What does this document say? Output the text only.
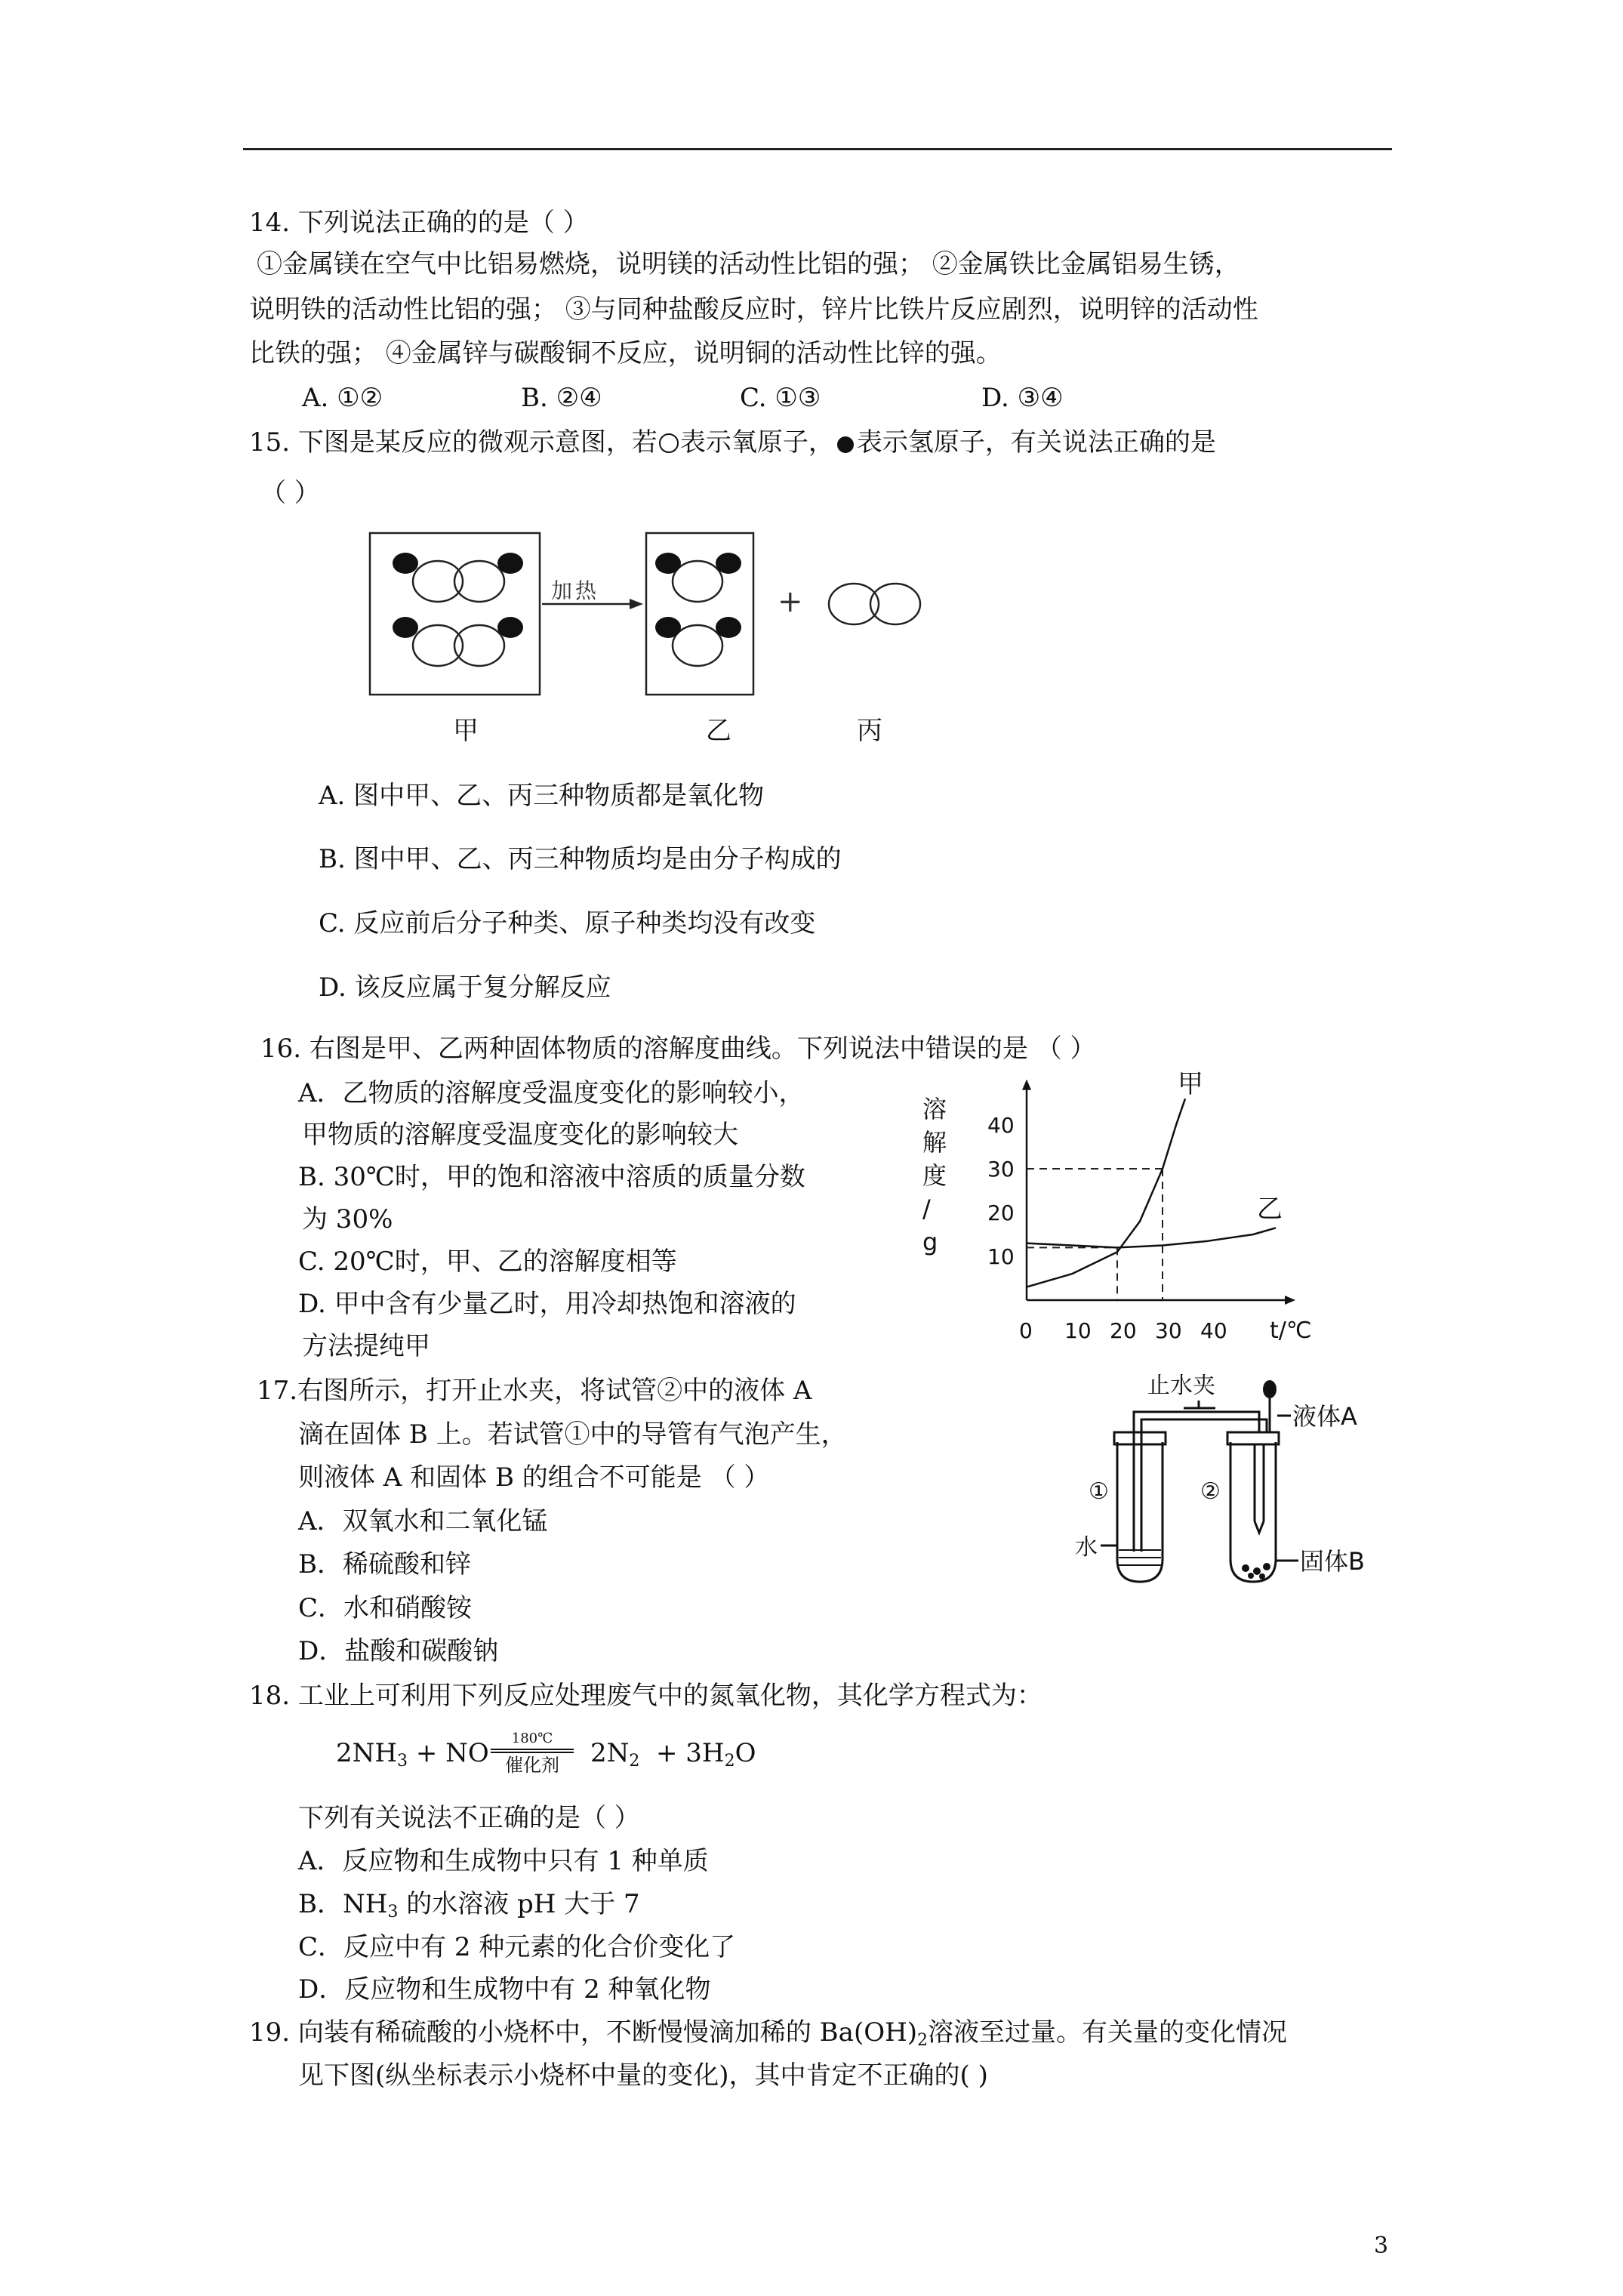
14. 下列说法正确的的是（ ）
①金属镁在空气中比铝易燃烧，说明镁的活动性比铝的强； ②金属铁比金属铝易生锈，
说明铁的活动性比铝的强； ③与同种盐酸反应时，锌片比铁片反应剧烈，说明锌的活动性
比铁的强； ④金属锌与碳酸铜不反应，说明铜的活动性比锌的强。
A. ①②	B. ②④	C. ①③	D. ③④
15. 下图是某反应的微观示意图，若 表示氧原子， 表示氢原子，有关说法正确的是
（ ）
加热	+
甲	乙	丙
A. 图中甲、乙、丙三种物质都是氧化物
B. 图中甲、乙、丙三种物质均是由分子构成的
C. 反应前后分子种类、原子种类均没有改变
D. 该反应属于复分解反应
16. 右图是甲、乙两种固体物质的溶解度曲线。下列说法中错误的是 （ ）
A．乙物质的溶解度受温度变化的影响较小，
甲物质的溶解度受温度变化的影响较大
B. 30℃时，甲的饱和溶液中溶质的质量分数
为 30%
C. 20℃时，甲、乙的溶解度相等
D. 甲中含有少量乙时，用冷却热饱和溶液的
方法提纯甲
溶
解
度
/
g
10
20
30
40
0 10 20 30 40 t/℃
甲
乙
17.右图所示，打开止水夹，将试管②中的液体 A
滴在固体 B 上。若试管①中的导管有气泡产生，
则液体 A 和固体 B 的组合不可能是 （ ）
A．双氧水和二氧化锰
B．稀硫酸和锌
C．水和硝酸铵
D．盐酸和碳酸钠
止水夹
液体A
①	②
水	固体B
18. 工业上可利用下列反应处理废气中的氮氧化物，其化学方程式为：
$2NH_3$ + NO	180℃
催化剂	$2N_2 + 3H_2O$
下列有关说法不正确的是（ ）
A．反应物和生成物中只有 1 种单质
B．$NH_3$ 的水溶液 pH 大于 7
C．反应中有 2 种元素的化合价变化了
D．反应物和生成物中有 2 种氧化物
19. 向装有稀硫酸的小烧杯中，不断慢慢滴加稀的 $Ba(OH)_2$溶液至过量。有关量的变化情况
见下图(纵坐标表示小烧杯中量的变化)，其中肯定不正确的( )
3
